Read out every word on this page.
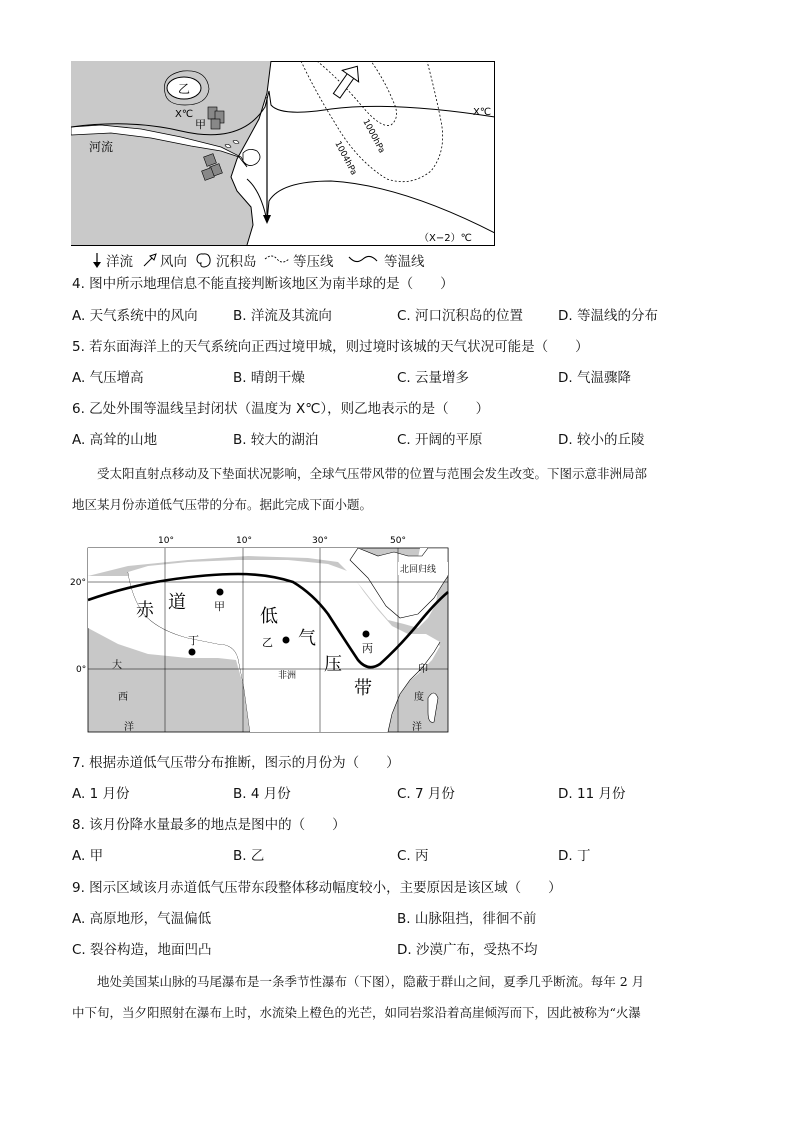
乙
X℃
甲
河流
X℃
（X−2）℃
1000hPa
1004hPa
洋流 风向 沉积岛	等压线	等温线
4. 图中所示地理信息不能直接判断该地区为南半球的是（　　）
A. 天气系统中的风向	B. 洋流及其流向	C. 河口沉积岛的位置	D. 等温线的分布
5. 若东面海洋上的天气系统向正西过境甲城，则过境时该城的天气状况可能是（　　）
A. 气压增高	B. 晴朗干燥	C. 云量增多	D. 气温骤降
6. 乙处外围等温线呈封闭状（温度为 X℃），则乙地表示的是（　　）
A. 高耸的山地	B. 较大的湖泊	C. 开阔的平原	D. 较小的丘陵
受太阳直射点移动及下垫面状况影响，全球气压带风带的位置与范围会发生改变。下图示意非洲局部
地区某月份赤道低气压带的分布。据此完成下面小题。
10°	10°	30°	50°
北回归线
赤 道
低
气
压
带
甲
乙	丙
丁
非洲
大
西
洋
印
度
洋
20°
0°
7. 根据赤道低气压带分布推断，图示的月份为（　　）
A. 1 月份	B. 4 月份	C. 7 月份	D. 11 月份
8. 该月份降水量最多的地点是图中的（　　）
A. 甲	B. 乙	C. 丙	D. 丁
9. 图示区域该月赤道低气压带东段整体移动幅度较小，主要原因是该区域（　　）
A. 高原地形，气温偏低	B. 山脉阻挡，徘徊不前
C. 裂谷构造，地面凹凸	D. 沙漠广布，受热不均
地处美国某山脉的马尾瀑布是一条季节性瀑布（下图），隐蔽于群山之间，夏季几乎断流。每年 2 月
中下旬，当夕阳照射在瀑布上时，水流染上橙色的光芒，如同岩浆沿着高崖倾泻而下，因此被称为“火瀑
